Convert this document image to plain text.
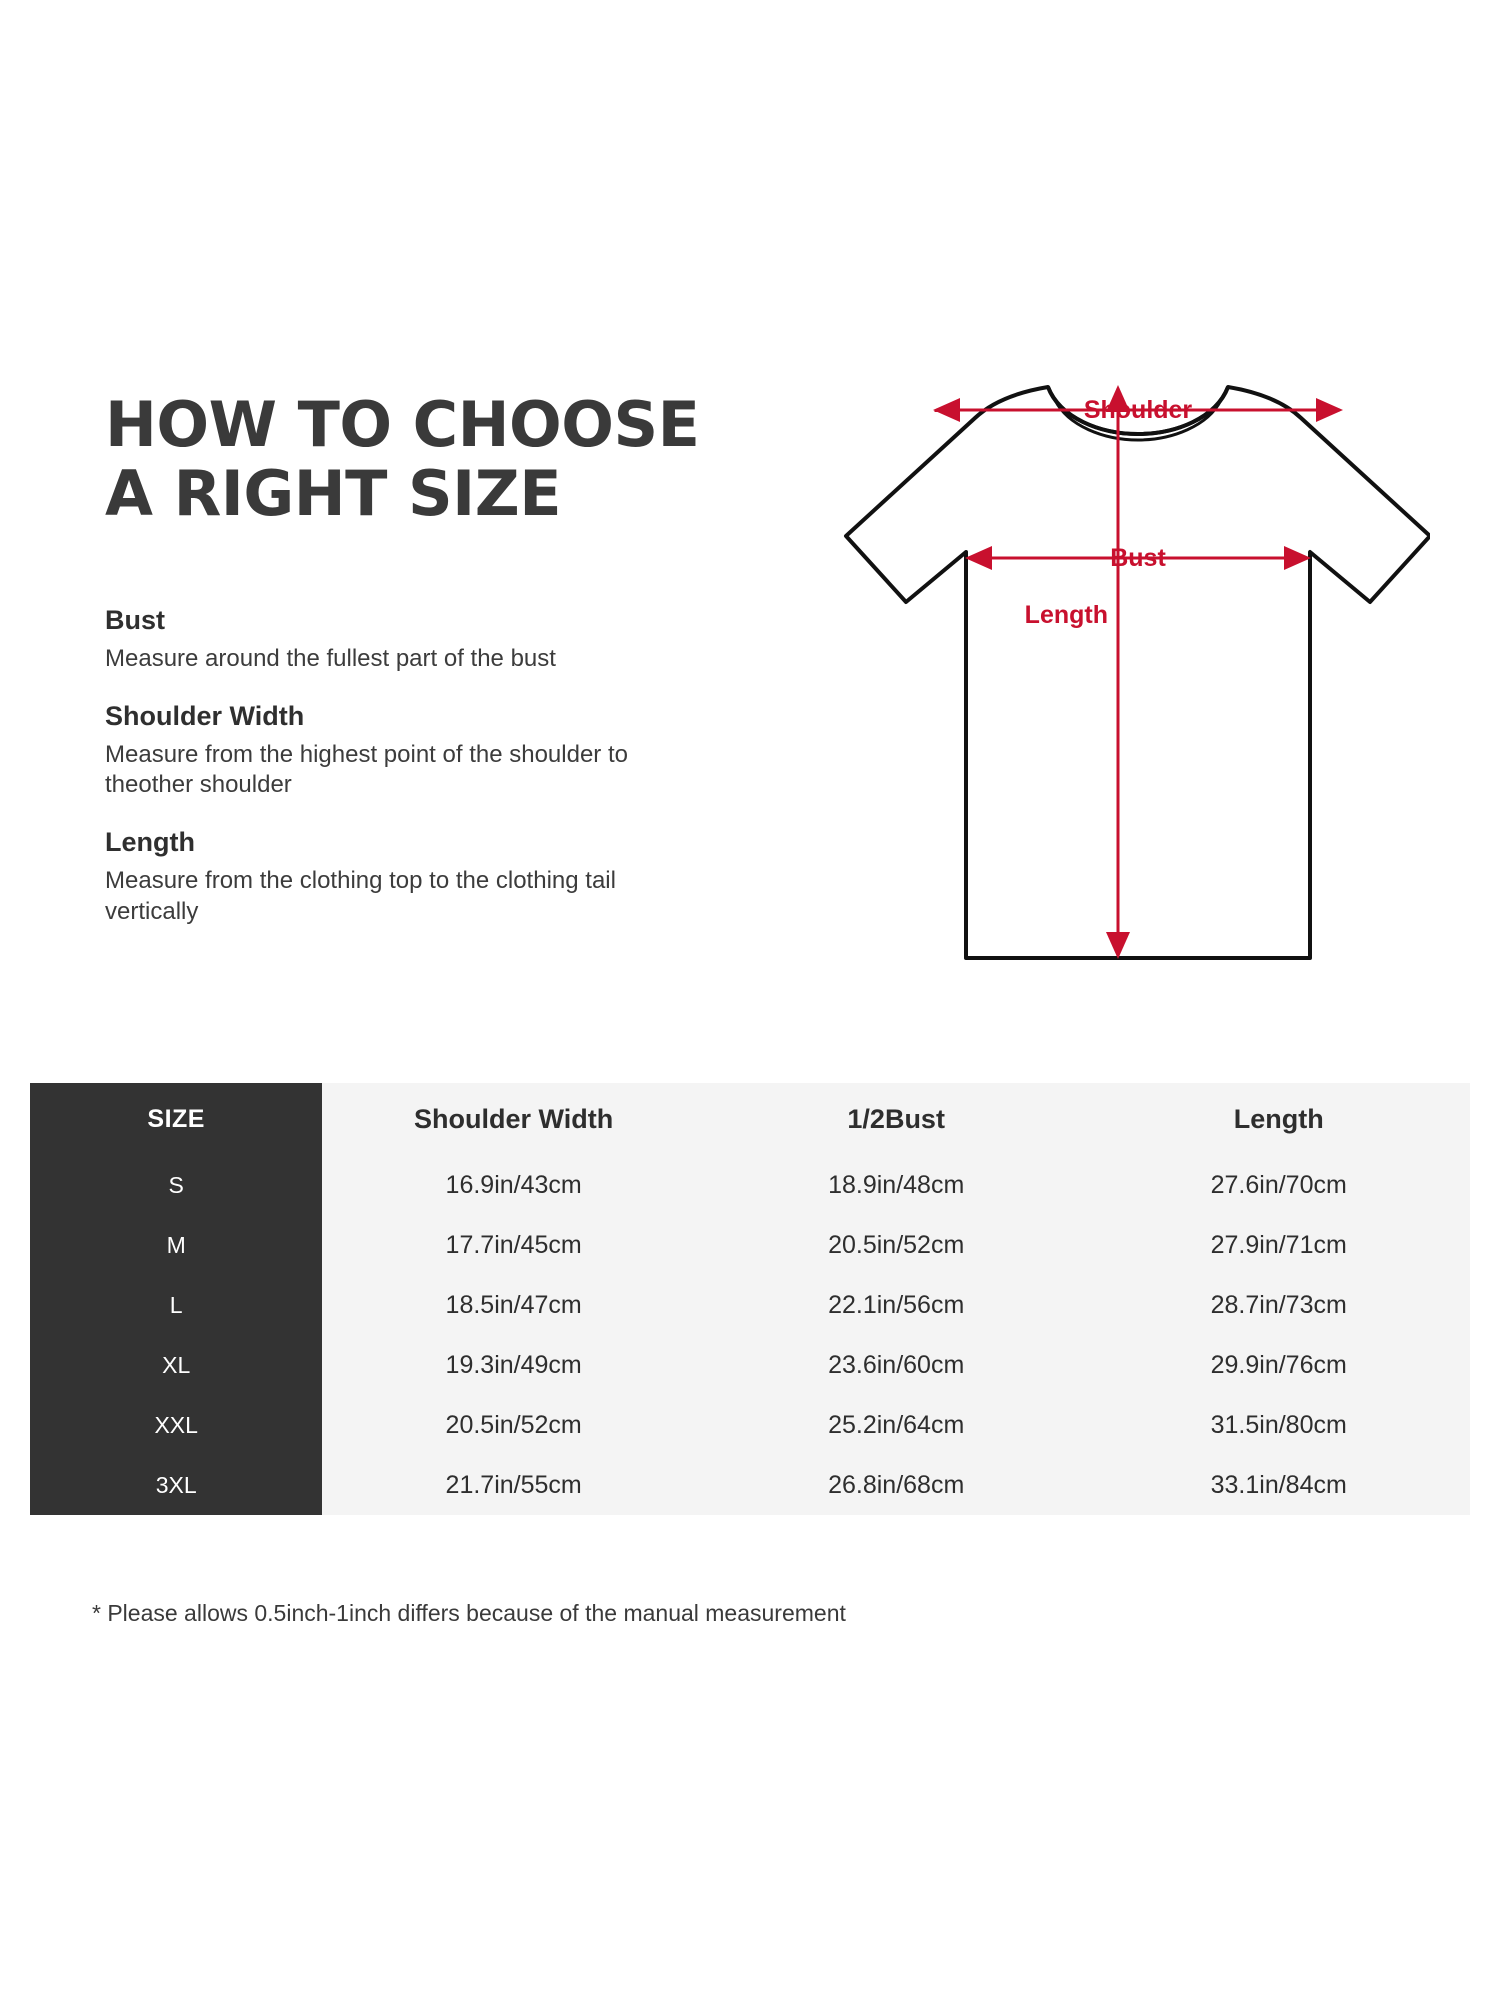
HOW TO CHOOSE
A RIGHT SIZE

Bust

Measure around the fullest part of the bust

Shoulder Width

Measure from the highest point of the shoulder to theother shoulder

Length

Measure from the clothing top to the clothing tail vertically

Shoulder
Bust
Length
SIZE	Shoulder Width	1/2Bust	Length
S	16.9in/43cm	18.9in/48cm	27.6in/70cm
M	17.7in/45cm	20.5in/52cm	27.9in/71cm
L	18.5in/47cm	22.1in/56cm	28.7in/73cm
XL	19.3in/49cm	23.6in/60cm	29.9in/76cm
XXL	20.5in/52cm	25.2in/64cm	31.5in/80cm
3XL	21.7in/55cm	26.8in/68cm	33.1in/84cm
* Please allows 0.5inch-1inch differs because of the manual measurement
